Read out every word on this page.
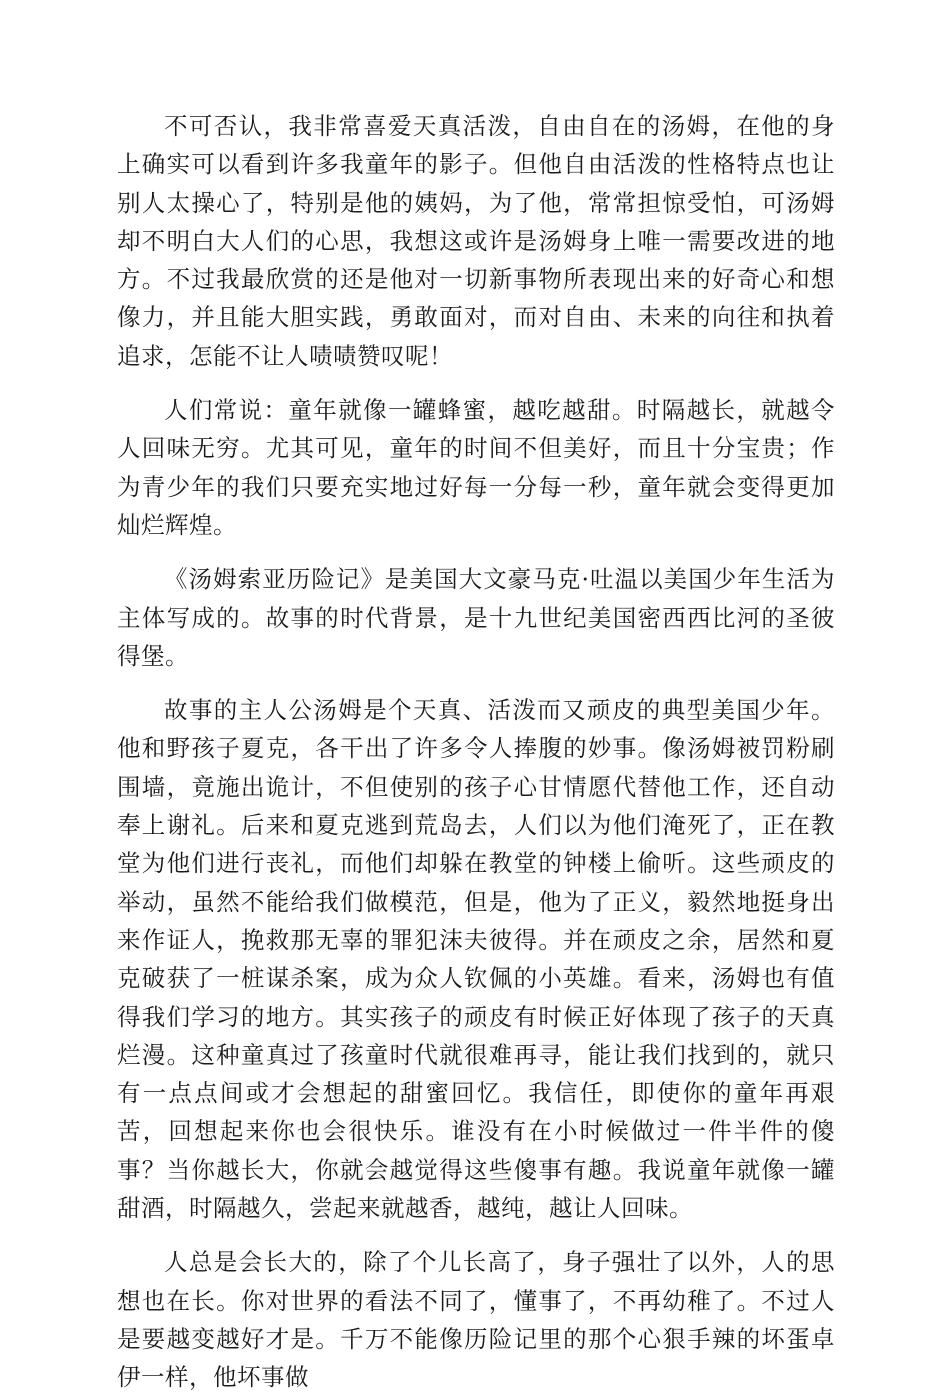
不可否认，我非常喜爱天真活泼，自由自在的汤姆，在他的身上确实可以看到许多我童年的影子。但他自由活泼的性格特点也让别人太操心了，特别是他的姨妈，为了他，常常担惊受怕，可汤姆却不明白大人们的心思，我想这或许是汤姆身上唯一需要改进的地方。不过我最欣赏的还是他对一切新事物所表现出来的好奇心和想像力，并且能大胆实践，勇敢面对，而对自由、未来的向往和执着追求，怎能不让人啧啧赞叹呢！

人们常说：童年就像一罐蜂蜜，越吃越甜。时隔越长，就越令人回味无穷。尤其可见，童年的时间不但美好，而且十分宝贵；作为青少年的我们只要充实地过好每一分每一秒，童年就会变得更加灿烂辉煌。

《汤姆索亚历险记》是美国大文豪马克·吐温以美国少年生活为主体写成的。故事的时代背景，是十九世纪美国密西西比河的圣彼得堡。

故事的主人公汤姆是个天真、活泼而又顽皮的典型美国少年。他和野孩子夏克，各干出了许多令人捧腹的妙事。像汤姆被罚粉刷围墙，竟施出诡计，不但使别的孩子心甘情愿代替他工作，还自动奉上谢礼。后来和夏克逃到荒岛去，人们以为他们淹死了，正在教堂为他们进行丧礼，而他们却躲在教堂的钟楼上偷听。这些顽皮的举动，虽然不能给我们做模范，但是，他为了正义，毅然地挺身出来作证人，挽救那无辜的罪犯沫夫彼得。并在顽皮之余，居然和夏克破获了一桩谋杀案，成为众人钦佩的小英雄。看来，汤姆也有值得我们学习的地方。其实孩子的顽皮有时候正好体现了孩子的天真烂漫。这种童真过了孩童时代就很难再寻，能让我们找到的，就只有一点点间或才会想起的甜蜜回忆。我信任，即使你的童年再艰苦，回想起来你也会很快乐。谁没有在小时候做过一件半件的傻事？当你越长大，你就会越觉得这些傻事有趣。我说童年就像一罐甜酒，时隔越久，尝起来就越香，越纯，越让人回味。

人总是会长大的，除了个儿长高了，身子强壮了以外，人的思想也在长。你对世界的看法不同了，懂事了，不再幼稚了。不过人是要越变越好才是。千万不能像历险记里的那个心狠手辣的坏蛋卓伊一样，他坏事做
